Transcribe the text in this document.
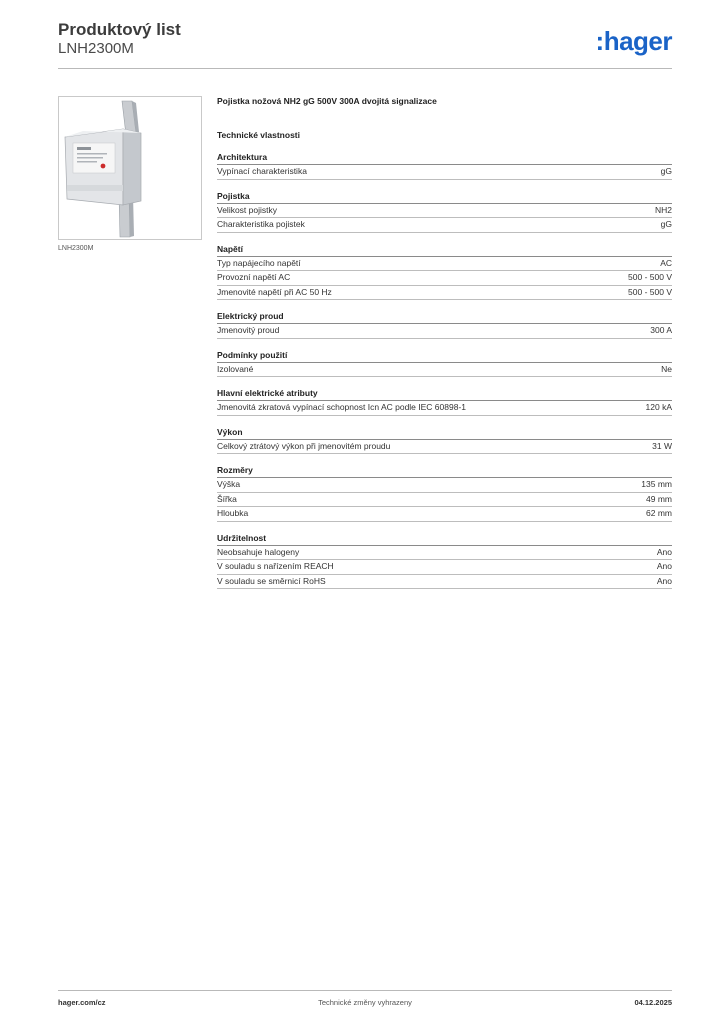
Produktový list
LNH2300M	:hager
LNH2300M
Pojistka nožová NH2 gG 500V 300A dvojitá signalizace
Technické vlastnosti
Architektura
Vypínací charakteristika	gG
Pojistka
Velikost pojistky	NH2
Charakteristika pojistek	gG
Napětí
Typ napájecího napětí	AC
Provozní napětí AC	500 - 500 V
Jmenovité napětí při AC 50 Hz	500 - 500 V
Elektrický proud
Jmenovitý proud	300 A
Podmínky použití
Izolované	Ne
Hlavní elektrické atributy
Jmenovitá zkratová vypínací schopnost Icn AC podle IEC 60898-1	120 kA
Výkon
Celkový ztrátový výkon při jmenovitém proudu	31 W
Rozměry
Výška	135 mm
Šířka	49 mm
Hloubka	62 mm
Udržitelnost
Neobsahuje halogeny	Ano
V souladu s nařízením REACH	Ano
V souladu se směrnicí RoHS	Ano
hager.com/cz	Technické změny vyhrazeny	04.12.2025
